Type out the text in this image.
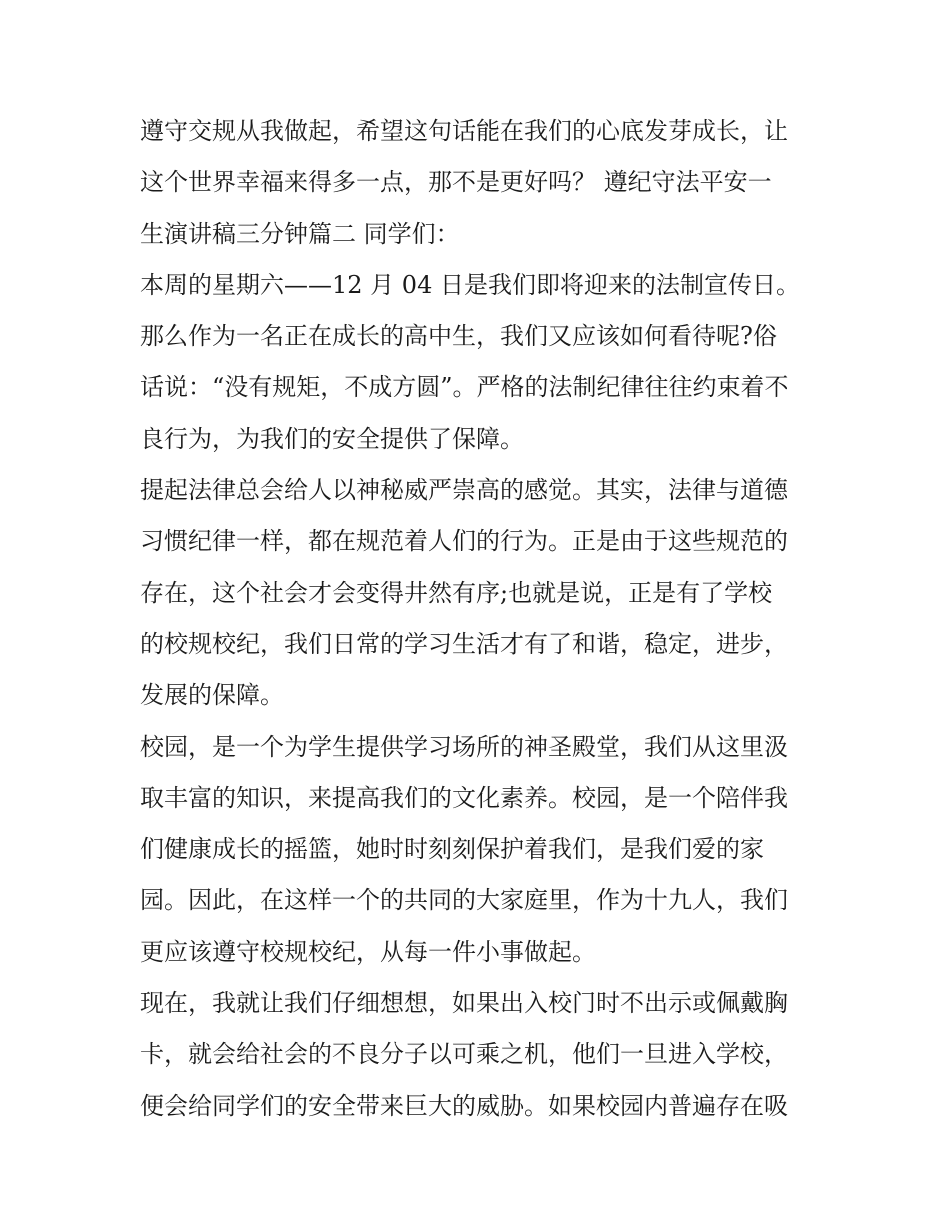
遵守交规从我做起，希望这句话能在我们的心底发芽成长，让

这个世界幸福来得多一点，那不是更好吗？ 遵纪守法平安一

生演讲稿三分钟篇二 同学们：

本周的星期六——12 月 04 日是我们即将迎来的法制宣传日。

那么作为一名正在成长的高中生，我们又应该如何看待呢?俗

话说：“没有规矩，不成方圆”。严格的法制纪律往往约束着不

良行为，为我们的安全提供了保障。

提起法律总会给人以神秘威严崇高的感觉。其实，法律与道德

习惯纪律一样，都在规范着人们的行为。正是由于这些规范的

存在，这个社会才会变得井然有序;也就是说，正是有了学校

的校规校纪，我们日常的学习生活才有了和谐，稳定，进步，

发展的保障。

校园，是一个为学生提供学习场所的神圣殿堂，我们从这里汲

取丰富的知识，来提高我们的文化素养。校园，是一个陪伴我

们健康成长的摇篮，她时时刻刻保护着我们，是我们爱的家

园。因此，在这样一个的共同的大家庭里，作为十九人，我们

更应该遵守校规校纪，从每一件小事做起。

现在，我就让我们仔细想想，如果出入校门时不出示或佩戴胸

卡，就会给社会的不良分子以可乘之机，他们一旦进入学校，

便会给同学们的安全带来巨大的威胁。如果校园内普遍存在吸
